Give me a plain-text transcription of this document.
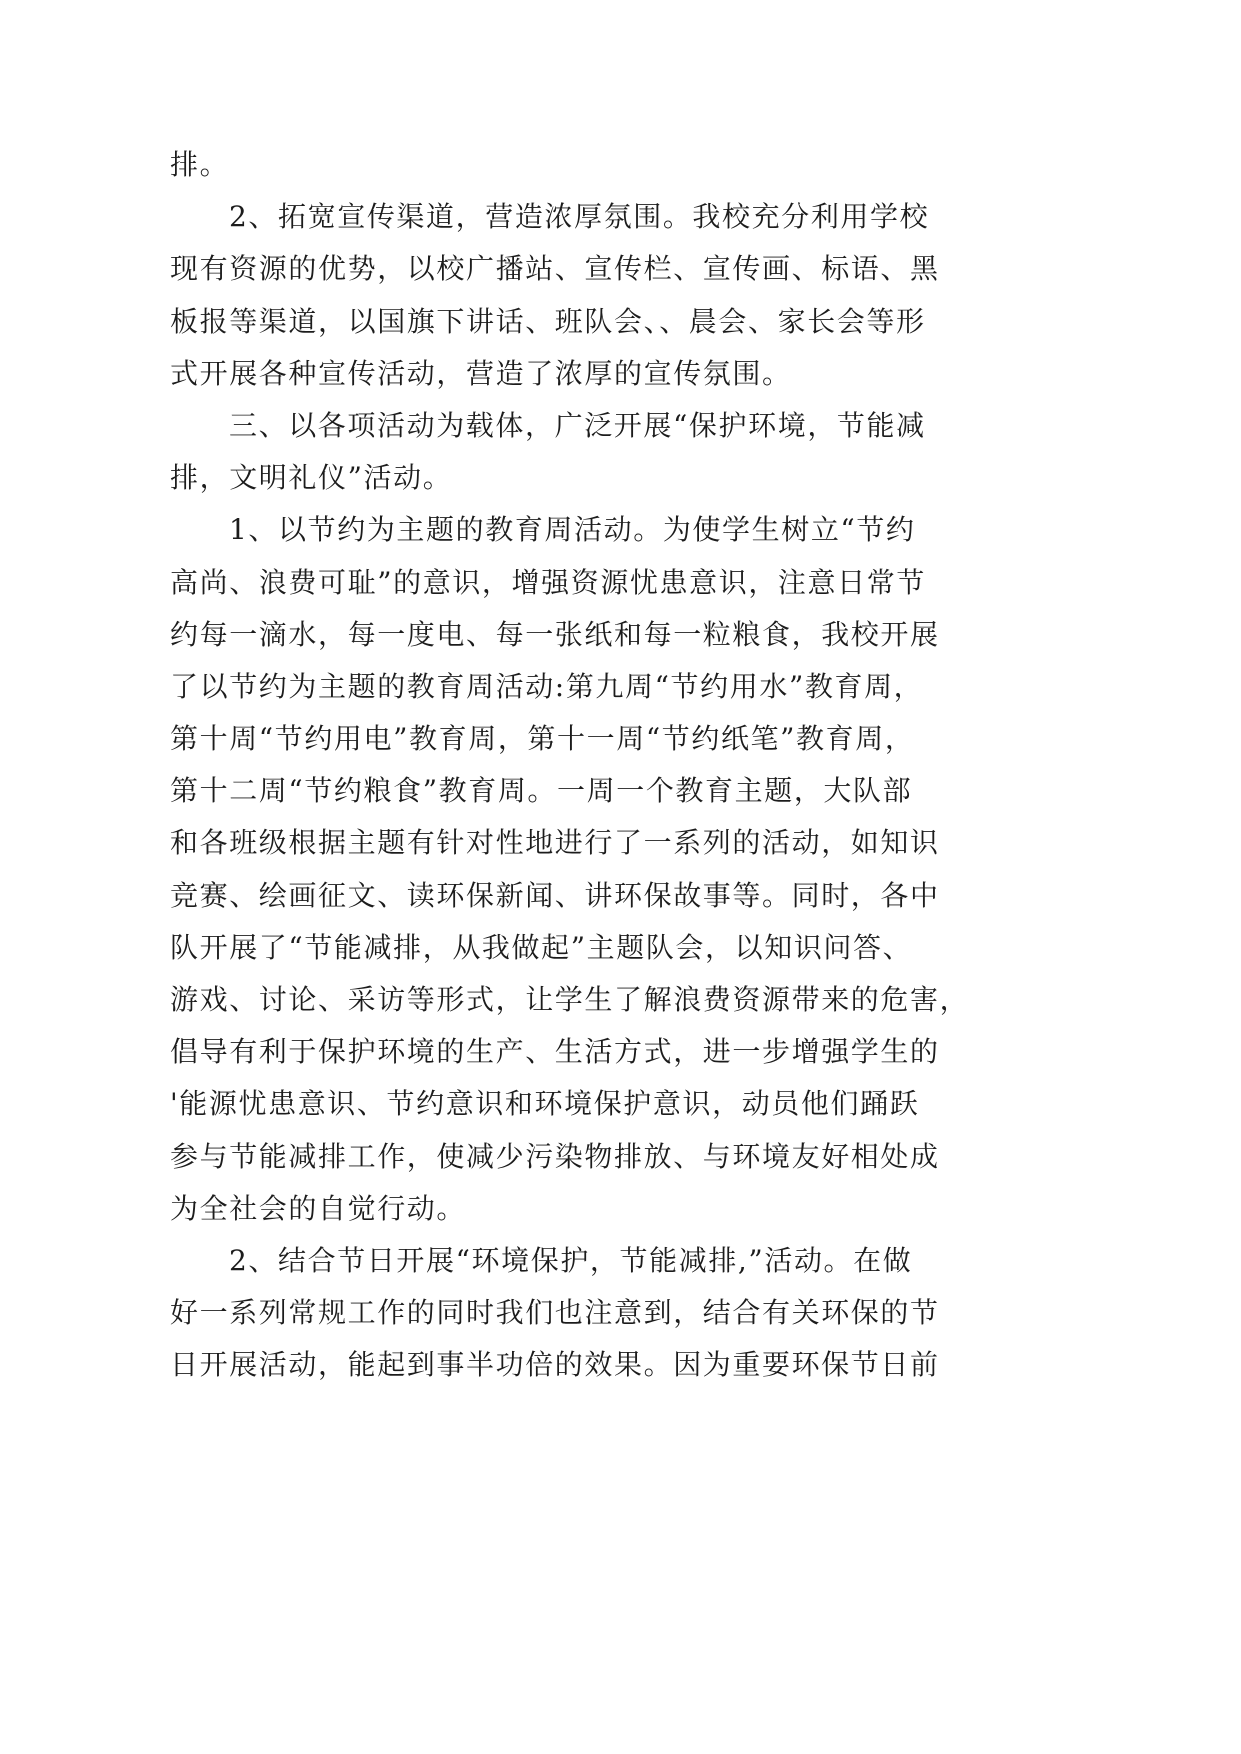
排。
2、拓宽宣传渠道，营造浓厚氛围。我校充分利用学校
现有资源的优势，以校广播站、宣传栏、宣传画、标语、黑
板报等渠道，以国旗下讲话、班队会、、晨会、家长会等形
式开展各种宣传活动，营造了浓厚的宣传氛围。
三、以各项活动为载体，广泛开展“保护环境，节能减
排，文明礼仪”活动。
1、以节约为主题的教育周活动。为使学生树立“节约
高尚、浪费可耻”的意识，增强资源忧患意识，注意日常节
约每一滴水，每一度电、每一张纸和每一粒粮食，我校开展
了以节约为主题的教育周活动:第九周“节约用水”教育周，
第十周“节约用电”教育周，第十一周“节约纸笔”教育周，
第十二周“节约粮食”教育周。一周一个教育主题，大队部
和各班级根据主题有针对性地进行了一系列的活动，如知识
竞赛、绘画征文、读环保新闻、讲环保故事等。同时，各中
队开展了“节能减排，从我做起”主题队会，以知识问答、
游戏、讨论、采访等形式，让学生了解浪费资源带来的危害，
倡导有利于保护环境的生产、生活方式，进一步增强学生的
'能源忧患意识、节约意识和环境保护意识，动员他们踊跃
参与节能减排工作，使减少污染物排放、与环境友好相处成
为全社会的自觉行动。
2、结合节日开展“环境保护，节能减排,”活动。在做
好一系列常规工作的同时我们也注意到，结合有关环保的节
日开展活动，能起到事半功倍的效果。因为重要环保节日前
